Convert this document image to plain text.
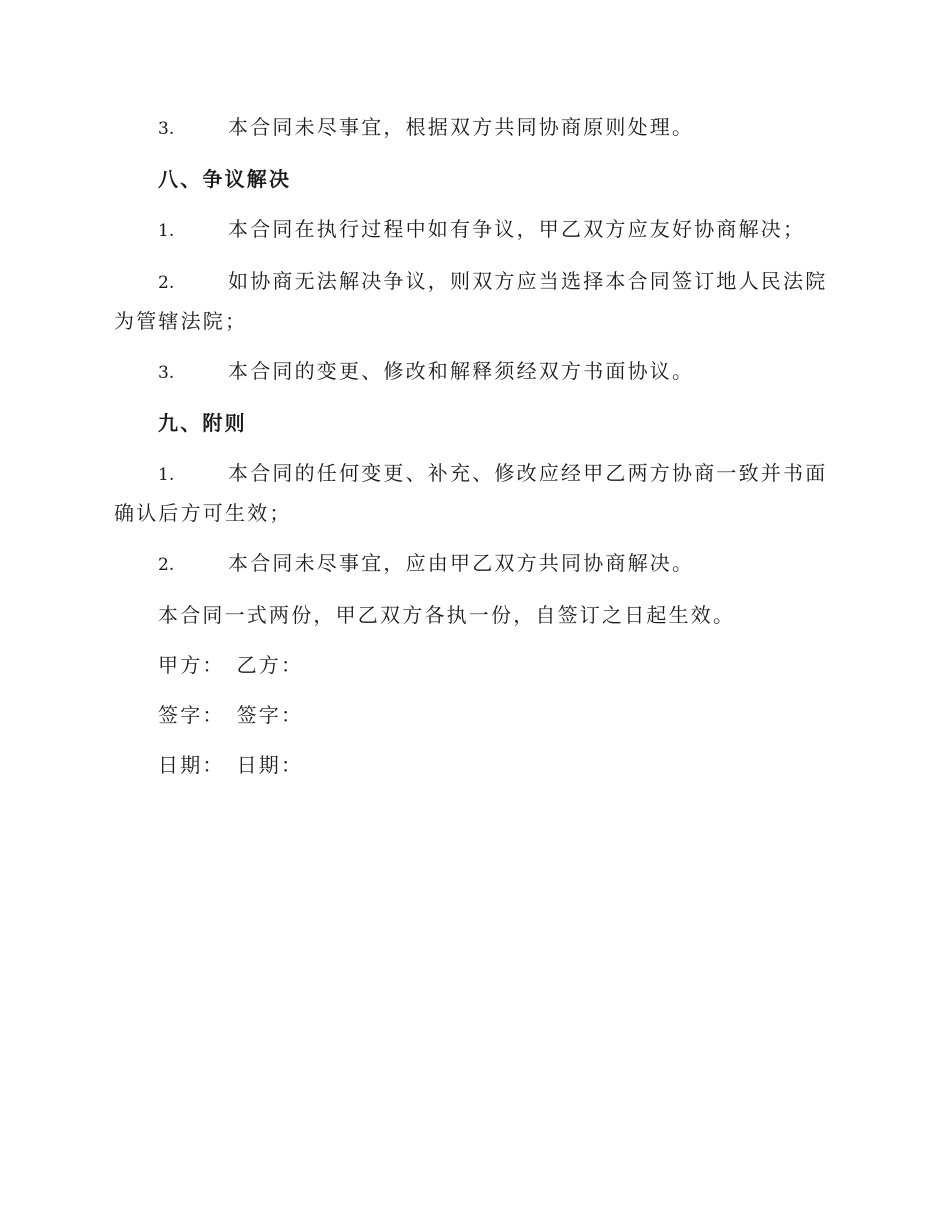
3.	本合同未尽事宜，根据双方共同协商原则处理。
八、争议解决
1.	本合同在执行过程中如有争议，甲乙双方应友好协商解决；
2.	如协商无法解决争议，则双方应当选择本合同签订地人民法院为管辖法院；
3.	本合同的变更、修改和解释须经双方书面协议。
九、附则
1.	本合同的任何变更、补充、修改应经甲乙两方协商一致并书面确认后方可生效；
2.	本合同未尽事宜，应由甲乙双方共同协商解决。
本合同一式两份，甲乙双方各执一份，自签订之日起生效。
甲方： 乙方：
签字： 签字：
日期： 日期：
